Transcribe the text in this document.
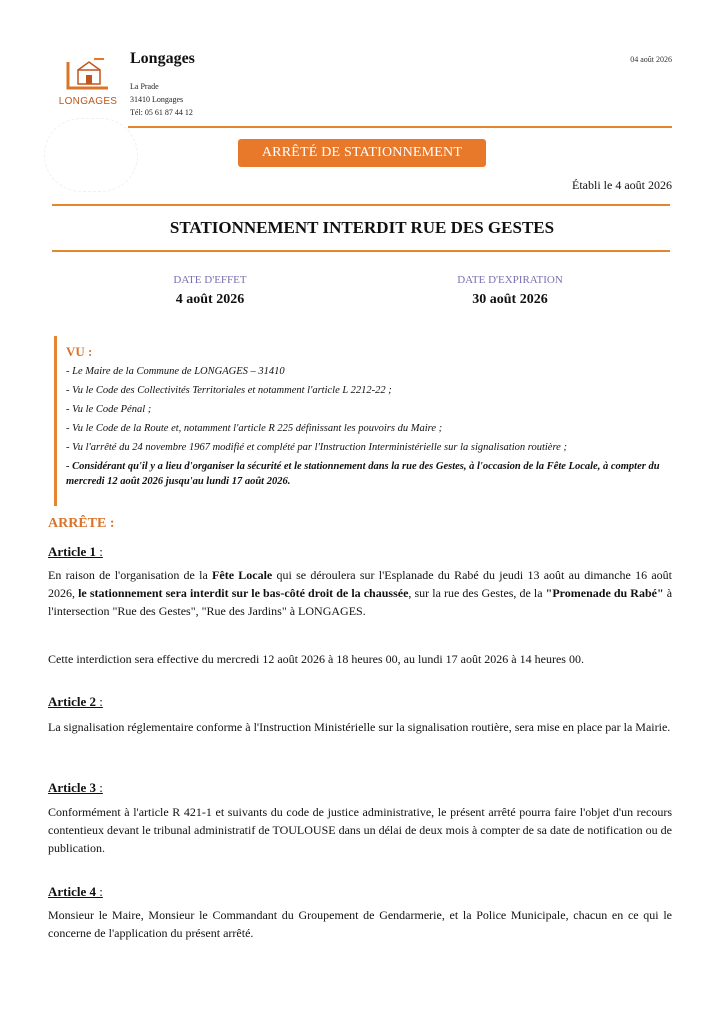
LONGAGES
Longages
La Prade
31410 Longages
Tél: 05 61 87 44 12
04 août 2026
ARRÊTÉ DE STATIONNEMENT
Établi le 4 août 2026
STATIONNEMENT INTERDIT RUE DES GESTES
DATE D'EFFET
4 août 2026
DATE D'EXPIRATION
30 août 2026
VU :
- Le Maire de la Commune de LONGAGES – 31410
- Vu le Code des Collectivités Territoriales et notamment l'article L 2212-22 ;
- Vu le Code Pénal ;
- Vu le Code de la Route et, notamment l'article R 225 définissant les pouvoirs du Maire ;
- Vu l'arrêté du 24 novembre 1967 modifié et complété par l'Instruction Interministérielle sur la signalisation routière ;
- Considérant qu'il y a lieu d'organiser la sécurité et le stationnement dans la rue des Gestes, à l'occasion de la Fête Locale, à compter du mercredi 12 août 2026 jusqu'au lundi 17 août 2026.
ARRÊTE :
Article 1 :
En raison de l'organisation de la Fête Locale qui se déroulera sur l'Esplanade du Rabé du jeudi 13 août au dimanche 16 août 2026, le stationnement sera interdit sur le bas-côté droit de la chaussée, sur la rue des Gestes, de la "Promenade du Rabé" à l'intersection "Rue des Gestes", "Rue des Jardins" à LONGAGES.
Cette interdiction sera effective du mercredi 12 août 2026 à 18 heures 00, au lundi 17 août 2026 à 14 heures 00.
Article 2 :
La signalisation réglementaire conforme à l'Instruction Ministérielle sur la signalisation routière, sera mise en place par la Mairie.
Article 3 :
Conformément à l'article R 421-1 et suivants du code de justice administrative, le présent arrêté pourra faire l'objet d'un recours contentieux devant le tribunal administratif de TOULOUSE dans un délai de deux mois à compter de sa date de notification ou de publication.
Article 4 :
Monsieur le Maire, Monsieur le Commandant du Groupement de Gendarmerie, et la Police Municipale, chacun en ce qui le concerne de l'application du présent arrêté.
